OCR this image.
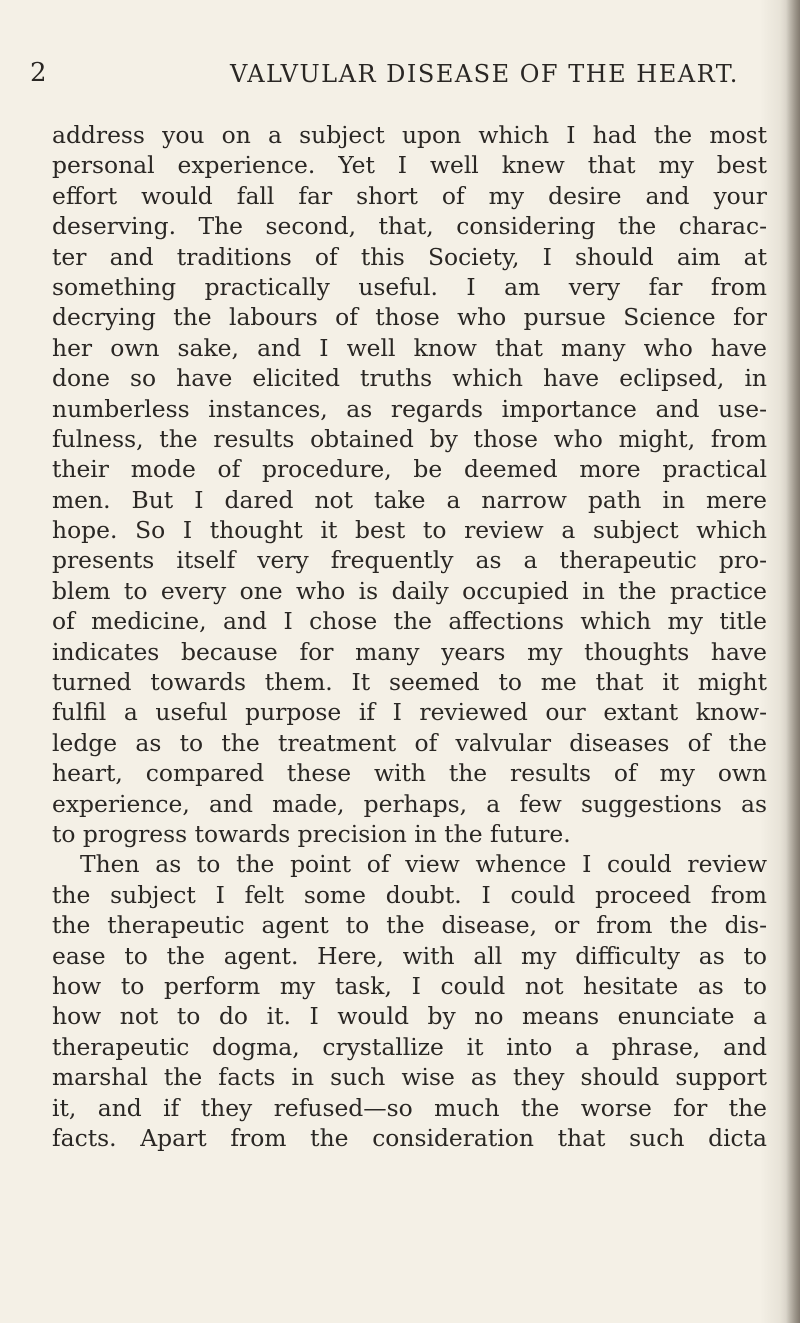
2	VALVULAR DISEASE OF THE HEART.
address you on a subject upon which I had the most
personal experience. Yet I well knew that my best
effort would fall far short of my desire and your
deserving. The second, that, considering the charac-
ter and traditions of this Society, I should aim at
something practically useful. I am very far from
decrying the labours of those who pursue Science for
her own sake, and I well know that many who have
done so have elicited truths which have eclipsed, in
numberless instances, as regards importance and use-
fulness, the results obtained by those who might, from
their mode of procedure, be deemed more practical
men. But I dared not take a narrow path in mere
hope. So I thought it best to review a subject which
presents itself very frequently as a therapeutic pro-
blem to every one who is daily occupied in the practice
of medicine, and I chose the affections which my title
indicates because for many years my thoughts have
turned towards them. It seemed to me that it might
fulfil a useful purpose if I reviewed our extant know-
ledge as to the treatment of valvular diseases of the
heart, compared these with the results of my own
experience, and made, perhaps, a few suggestions as
to progress towards precision in the future.
Then as to the point of view whence I could review
the subject I felt some doubt. I could proceed from
the therapeutic agent to the disease, or from the dis-
ease to the agent. Here, with all my difficulty as to
how to perform my task, I could not hesitate as to
how not to do it. I would by no means enunciate a
therapeutic dogma, crystallize it into a phrase, and
marshal the facts in such wise as they should support
it, and if they refused—so much the worse for the
facts. Apart from the consideration that such dicta
